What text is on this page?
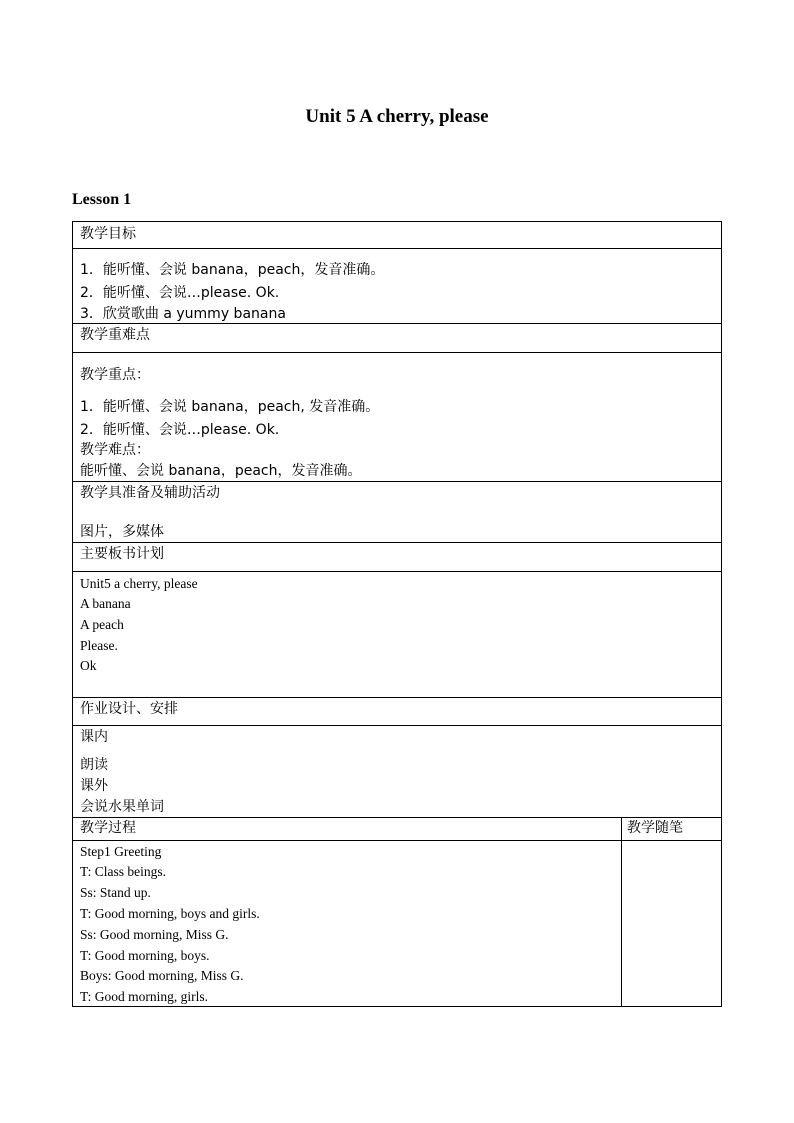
Unit 5 A cherry, please
Lesson 1
教学目标
1．能听懂、会说 banana，peach，发音准确。
2．能听懂、会说…please. Ok.
3．欣赏歌曲 a yummy banana
教学重难点
教学重点：
1．能听懂、会说 banana，peach, 发音准确。
2．能听懂、会说…please. Ok.
教学难点：
能听懂、会说 banana，peach，发音准确。
教学具准备及辅助活动
图片，多媒体
主要板书计划
Unit5 a cherry, please
A banana
A peach
Please.
Ok
作业设计、安排
课内
朗读
课外
会说水果单词
教学过程	教学随笔
Step1 Greeting
T: Class beings.
Ss: Stand up.
T: Good morning, boys and girls.
Ss: Good morning, Miss G.
T: Good morning, boys.
Boys: Good morning, Miss G.
T: Good morning, girls.
